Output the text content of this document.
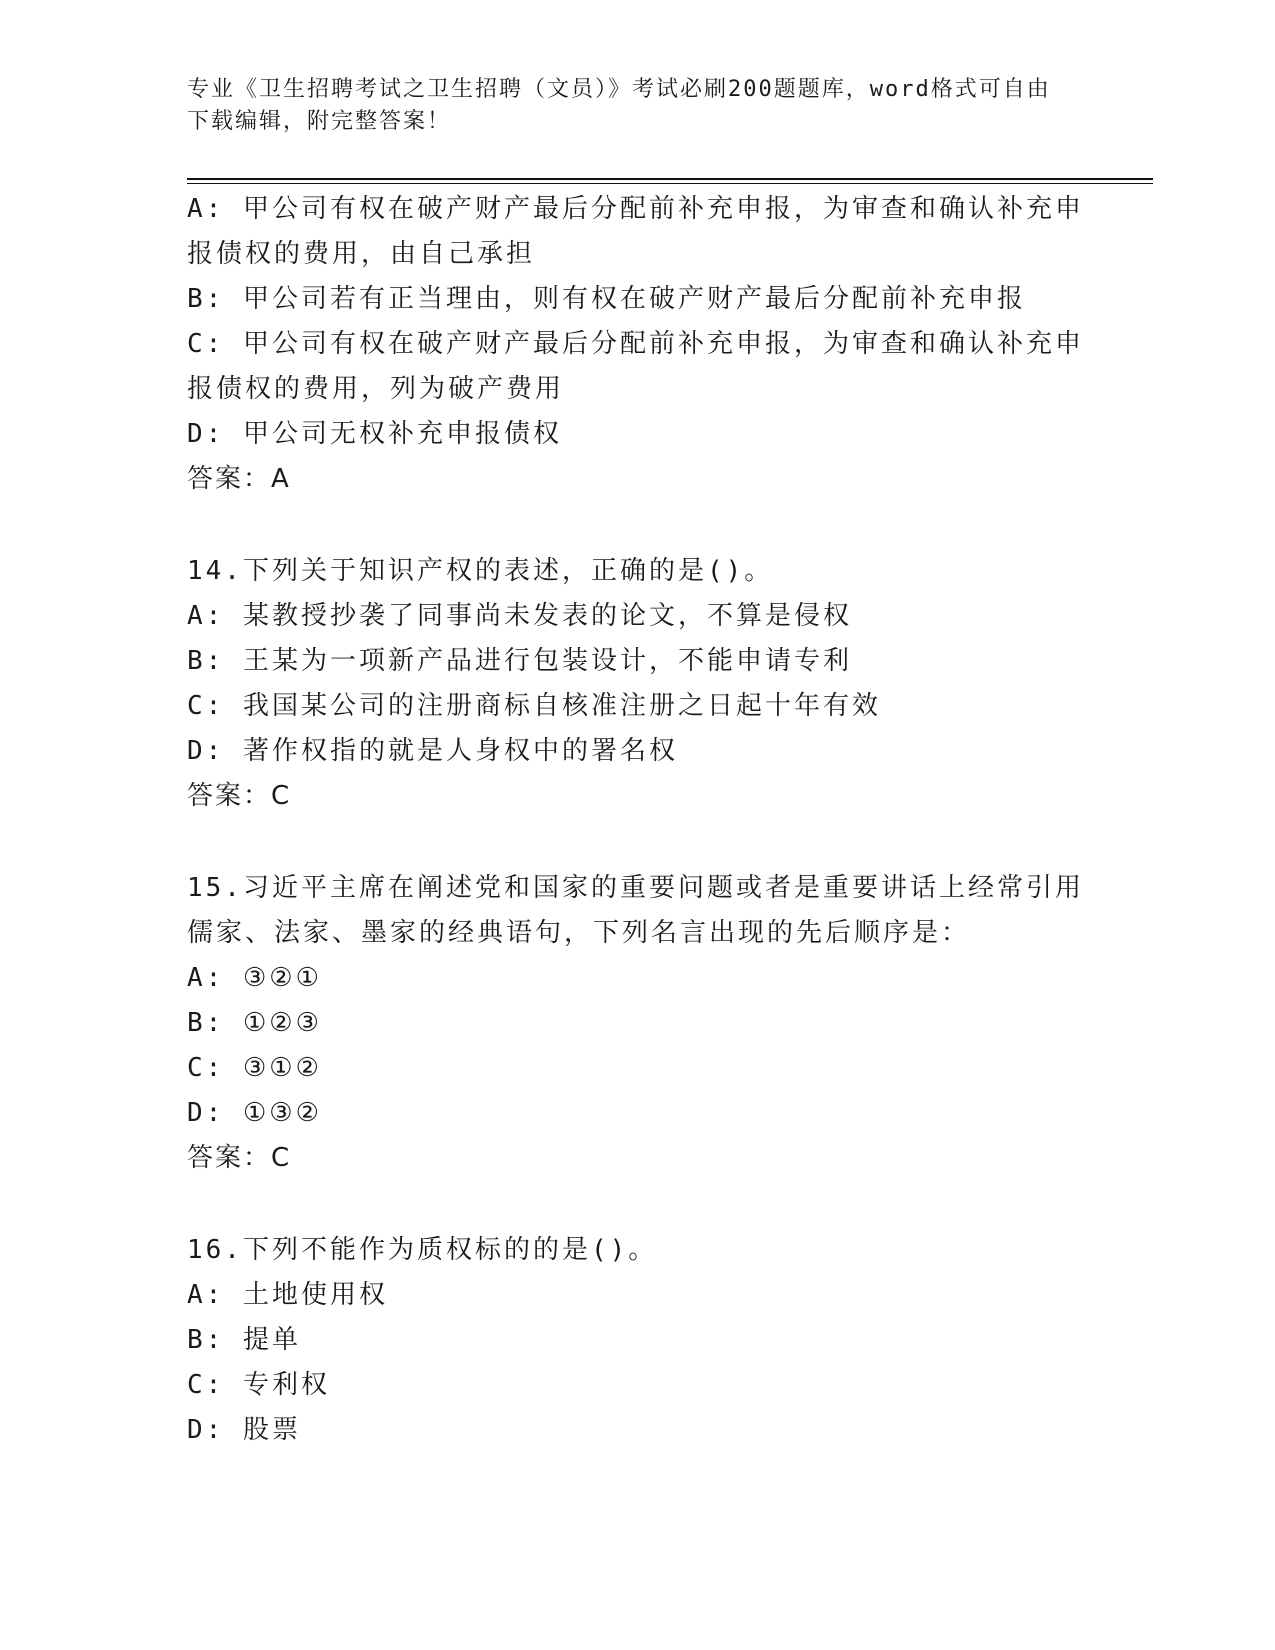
专业《卫生招聘考试之卫生招聘（文员）》考试必刷200题题库，word格式可自由下载编辑，附完整答案！
A: 甲公司有权在破产财产最后分配前补充申报，为审查和确认补充申报债权的费用，由自己承担
B: 甲公司若有正当理由，则有权在破产财产最后分配前补充申报
C: 甲公司有权在破产财产最后分配前补充申报，为审查和确认补充申报债权的费用，列为破产费用
D: 甲公司无权补充申报债权
答案：A
14.下列关于知识产权的表述，正确的是()。
A: 某教授抄袭了同事尚未发表的论文，不算是侵权
B: 王某为一项新产品进行包装设计，不能申请专利
C: 我国某公司的注册商标自核准注册之日起十年有效
D: 著作权指的就是人身权中的署名权
答案：C
15.习近平主席在阐述党和国家的重要问题或者是重要讲话上经常引用儒家、法家、墨家的经典语句，下列名言出现的先后顺序是：
A: ③②①
B: ①②③
C: ③①②
D: ①③②
答案：C
16.下列不能作为质权标的的是()。
A: 土地使用权
B: 提单
C: 专利权
D: 股票
